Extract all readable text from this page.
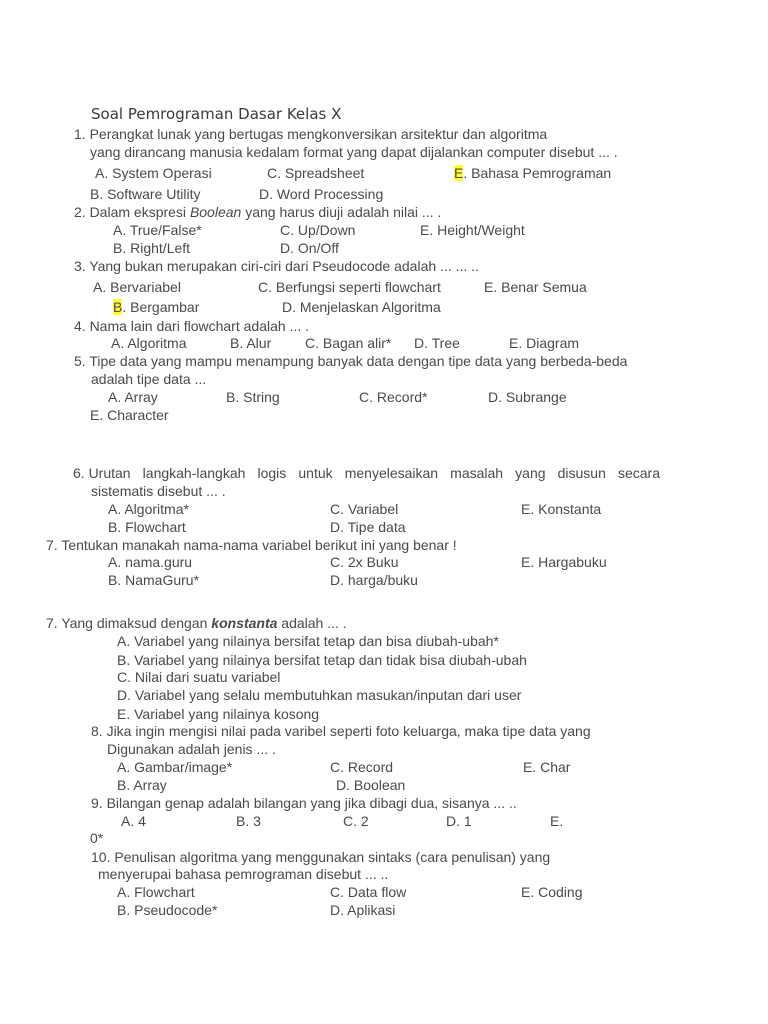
Soal Pemrograman Dasar Kelas X
1. Perangkat lunak yang bertugas mengkonversikan arsitektur dan algoritma
yang dirancang manusia kedalam format yang dapat dijalankan computer disebut ... .
A. System Operasi	C. Spreadsheet	E. Bahasa Pemrograman
B. Software Utility	D. Word Processing
2. Dalam ekspresi Boolean yang harus diuji adalah nilai ... .
A. True/False*	C. Up/Down	E. Height/Weight
B. Right/Left	D. On/Off
3. Yang bukan merupakan ciri-ciri dari Pseudocode adalah ... ... ..
A. Bervariabel	C. Berfungsi seperti flowchart	E. Benar Semua
B. Bergambar	D. Menjelaskan Algoritma
4. Nama lain dari flowchart adalah ... .
A. Algoritma	B. Alur C. Bagan alir* D. Tree	E. Diagram
5. Tipe data yang mampu menampung banyak data dengan tipe data yang berbeda-beda
adalah tipe data ...
A. Array	B. String	C. Record*	D. Subrange
E. Character
6. Urutan langkah-langkah logis untuk menyelesaikan masalah yang disusun secara
sistematis disebut ... .
A. Algoritma*	C. Variabel	E. Konstanta
B. Flowchart	D. Tipe data
7. Tentukan manakah nama-nama variabel berikut ini yang benar !
A. nama.guru	C. 2x Buku	E. Hargabuku
B. NamaGuru*	D. harga/buku
7. Yang dimaksud dengan konstanta adalah ... .
A. Variabel yang nilainya bersifat tetap dan bisa diubah-ubah*
B. Variabel yang nilainya bersifat tetap dan tidak bisa diubah-ubah
C. Nilai dari suatu variabel
D. Variabel yang selalu membutuhkan masukan/inputan dari user
E. Variabel yang nilainya kosong
8. Jika ingin mengisi nilai pada varibel seperti foto keluarga, maka tipe data yang
Digunakan adalah jenis ... .
A. Gambar/image*	C. Record	E. Char
B. Array	D. Boolean
9. Bilangan genap adalah bilangan yang jika dibagi dua, sisanya ... ..
A. 4	B. 3	C. 2	D. 1	E.
0*
10. Penulisan algoritma yang menggunakan sintaks (cara penulisan) yang
menyerupai bahasa pemrograman disebut ... ..
A. Flowchart	C. Data flow	E. Coding
B. Pseudocode*	D. Aplikasi
